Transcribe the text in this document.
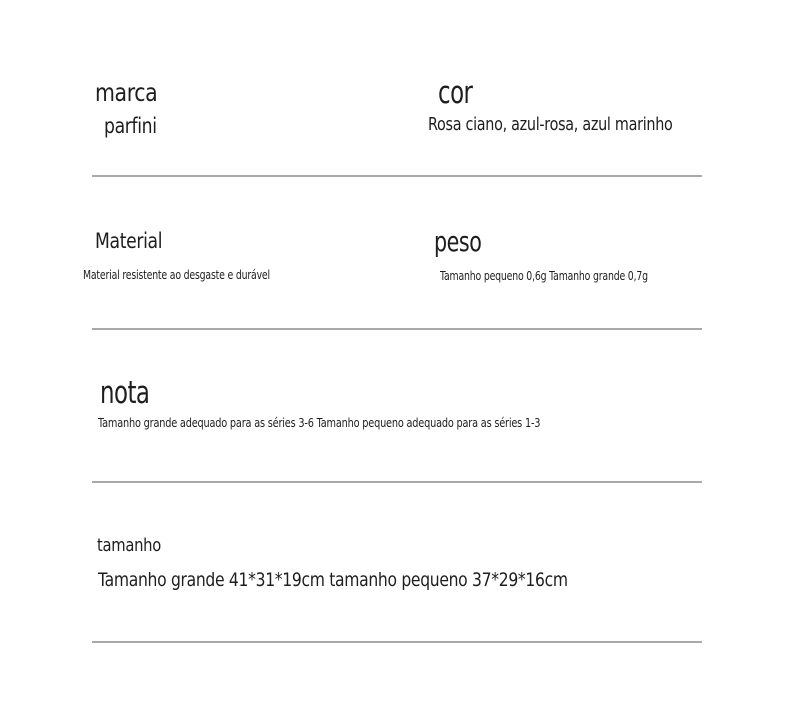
marca
parfini
cor
Rosa ciano, azul-rosa, azul marinho
Material
Material resistente ao desgaste e durável
peso
Tamanho pequeno 0,6g Tamanho grande 0,7g
nota
Tamanho grande adequado para as séries 3-6 Tamanho pequeno adequado para as séries 1-3
tamanho
Tamanho grande 41*31*19cm tamanho pequeno 37*29*16cm
